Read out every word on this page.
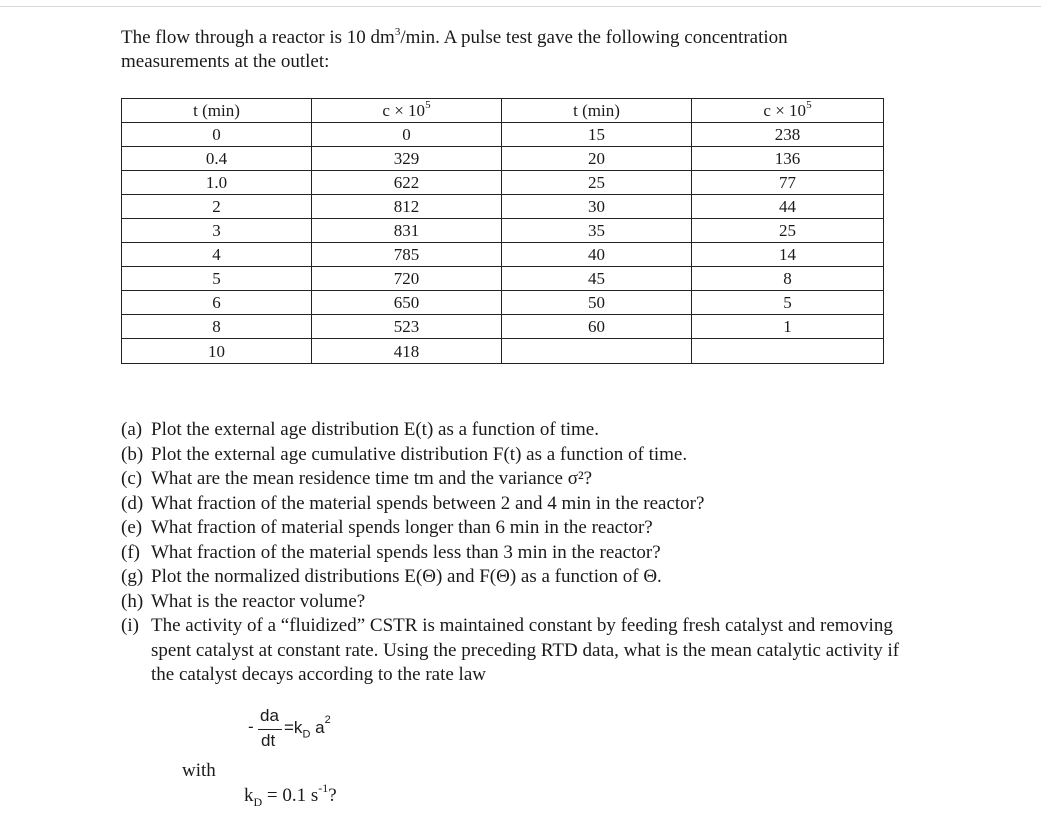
The flow through a reactor is 10 $dm^3/\min$. A pulse test gave the following concentration
measurements at the outlet:
t (min)	$c \times 10^5$	t (min)	$c \times 10^5$
0	0	15	238
0.4	329	20	136
1.0	622	25	77
2	812	30	44
3	831	35	25
4	785	40	14
5	720	45	8
6	650	50	5
8	523	60	1
10	418		
(a) Plot the external age distribution E(t) as a function of time.
(b) Plot the external age cumulative distribution F(t) as a function of time.
(c) What are the mean residence time tm and the variance σ²?
(d) What fraction of the material spends between 2 and 4 min in the reactor?
(e) What fraction of material spends longer than 6 min in the reactor?
(f) What fraction of the material spends less than 3 min in the reactor?
(g) Plot the normalized distributions E(Θ) and F(Θ) as a function of Θ.
(h) What is the reactor volume?
(i) The activity of a “fluidized” CSTR is maintained constant by feeding fresh catalyst and removing spent catalyst at constant rate. Using the preceding RTD data, what is the mean catalytic activity if the catalyst decays according to the rate law
-
da
dt
$=k_D$ $a^2$
with
$k_D = 0.1$ $s^{-1}$?
